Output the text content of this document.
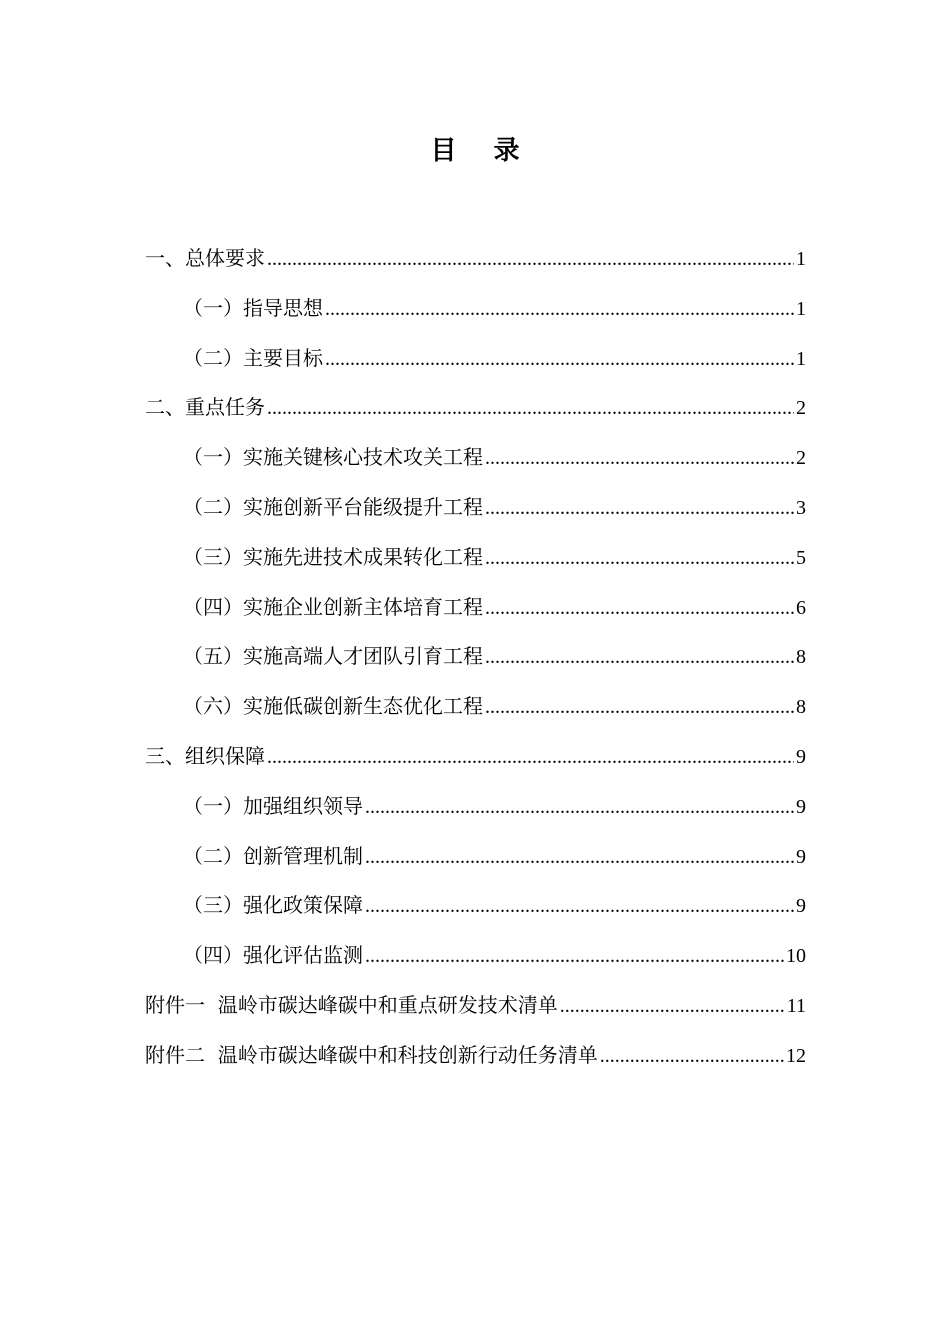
目 录
一、总体要求 .....	1
（一）指导思想 .....	1
（二）主要目标 .....	1
二、重点任务 .....	2
（一）实施关键核心技术攻关工程 .....	2
（二）实施创新平台能级提升工程 .....	3
（三）实施先进技术成果转化工程 .....	5
（四）实施企业创新主体培育工程 .....	6
（五）实施高端人才团队引育工程 .....	8
（六）实施低碳创新生态优化工程 .....	8
三、组织保障 .....	9
（一）加强组织领导 .....	9
（二）创新管理机制 .....	9
（三）强化政策保障 .....	9
（四）强化评估监测 .....	10
附件一  温岭市碳达峰碳中和重点研发技术清单 .....	11
附件二  温岭市碳达峰碳中和科技创新行动任务清单 .....	12
